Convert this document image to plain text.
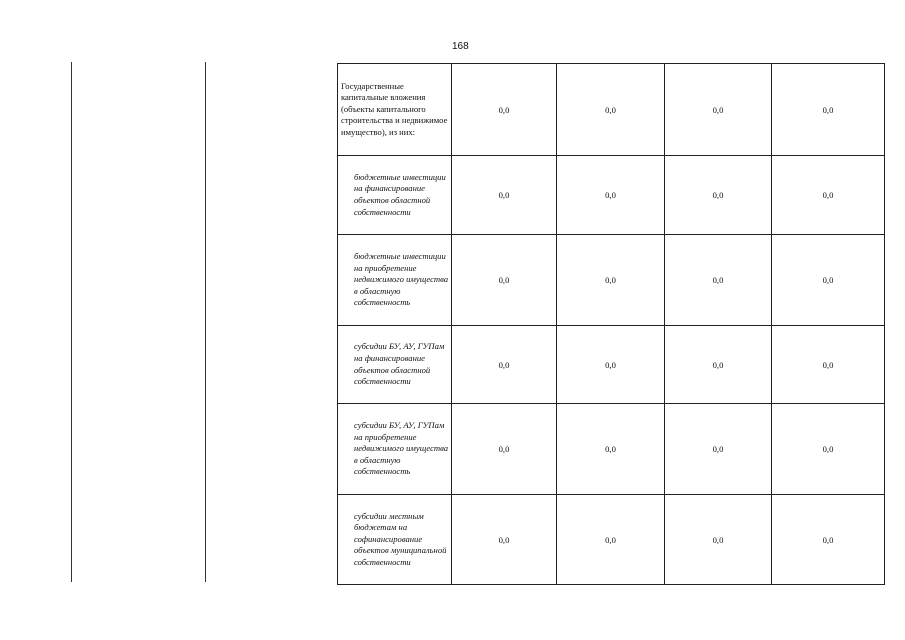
168
Государственные капитальные вложения (объекты капитального строительства и недвижимое имущество), из них:	0,0	0,0	0,0	0,0
бюджетные инвестиции на финансирование объектов областной собственности	0,0	0,0	0,0	0,0
бюджетные инвестиции на приобретение недвижимого имущества в областную собственность	0,0	0,0	0,0	0,0
субсидии БУ, АУ, ГУПам на финансирование объектов областной собственности	0,0	0,0	0,0	0,0
субсидии БУ, АУ, ГУПам на приобретение недвижимого имущества в областную собственность	0,0	0,0	0,0	0,0
субсидии местным бюджетам на софинансирование объектов муниципальной собственности	0,0	0,0	0,0	0,0
